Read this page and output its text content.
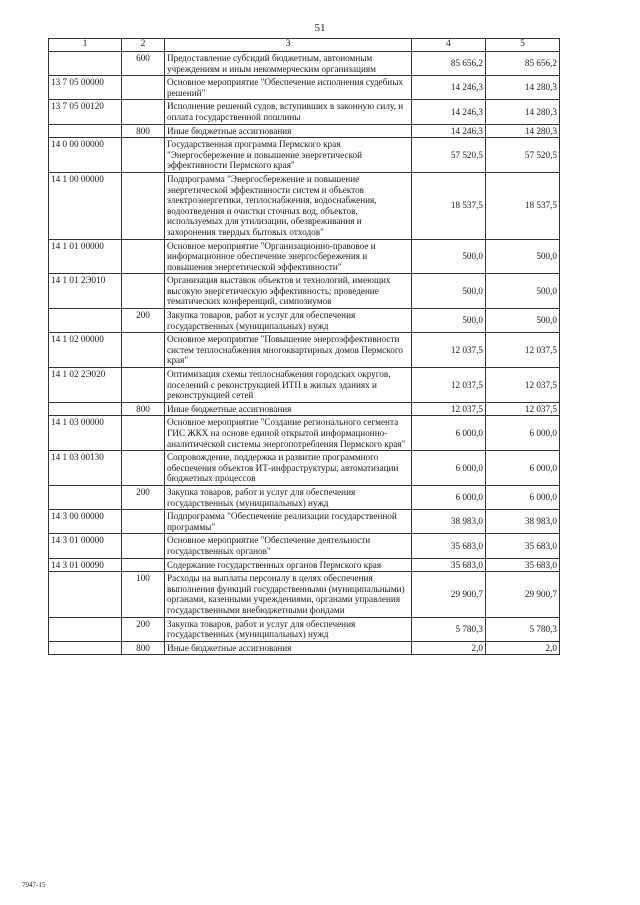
51
1	2	3	4	5
	600	Предоставление субсидий бюджетным, автономным учреждениям и иным некоммерческим организациям	85 656,2	85 656,2
13 7 05 00000		Основное мероприятие "Обеспечение исполнения судебных решений"	14 246,3	14 280,3
13 7 05 00120		Исполнение решений судов, вступивших в законную силу, и оплата государственной пошлины	14 246,3	14 280,3
	800	Иные бюджетные ассигнования	14 246,3	14 280,3
14 0 00 00000		Государственная программа Пермского края "Энергосбережение и повышение энергетической эффективности Пермского края"	57 520,5	57 520,5
14 1 00 00000		Подпрограмма "Энергосбережение и повышение энергетической эффективности систем и объектов электроэнергетики, теплоснабжения, водоснабжения, водоотведения и очистки сточных вод, объектов, используемых для утилизации, обезвреживания и захоронения твердых бытовых отходов"	18 537,5	18 537,5
14 1 01 00000		Основное мероприятие "Организационно-правовое и информационное обеспечение энергосбережения и повышения энергетической эффективности"	500,0	500,0
14 1 01 2Э010		Организация выставок объектов и технологий, имеющих высокую энергетическую эффективность; проведение тематических конференций, симпозиумов	500,0	500,0
	200	Закупка товаров, работ и услуг для обеспечения государственных (муниципальных) нужд	500,0	500,0
14 1 02 00000		Основное мероприятие "Повышение энергоэффективности систем теплоснабжения многоквартирных домов Пермского края"	12 037,5	12 037,5
14 1 02 2Э020		Оптимизация схемы теплоснабжения городских округов, поселений с реконструкцией ИТП в жилых зданиях и реконструкцией сетей	12 037,5	12 037,5
	800	Иные бюджетные ассигнования	12 037,5	12 037,5
14 1 03 00000		Основное мероприятие "Создание регионального сегмента ГИС ЖКХ на основе единой открытой информационно-аналитической системы энергопотребления Пермского края"	6 000,0	6 000,0
14 1 03 00130		Сопровождение, поддержка и развитие программного обеспечения объектов ИТ-инфраструктуры, автоматизации бюджетных процессов	6 000,0	6 000,0
	200	Закупка товаров, работ и услуг для обеспечения государственных (муниципальных) нужд	6 000,0	6 000,0
14 3 00 00000		Подпрограмма "Обеспечение реализации государственной программы"	38 983,0	38 983,0
14 3 01 00000		Основное мероприятие "Обеспечение деятельности государственных органов"	35 683,0	35 683,0
14 3 01 00090		Содержание государственных органов Пермского края	35 683,0	35 683,0
	100	Расходы на выплаты персоналу в целях обеспечения выполнения функций государственными (муниципальными) органами, казенными учреждениями, органами управления государственными внебюджетными фондами	29 900,7	29 900,7
	200	Закупка товаров, работ и услуг для обеспечения государственных (муниципальных) нужд	5 780,3	5 780,3
	800	Иные бюджетные ассигнования	2,0	2,0
7947-15
